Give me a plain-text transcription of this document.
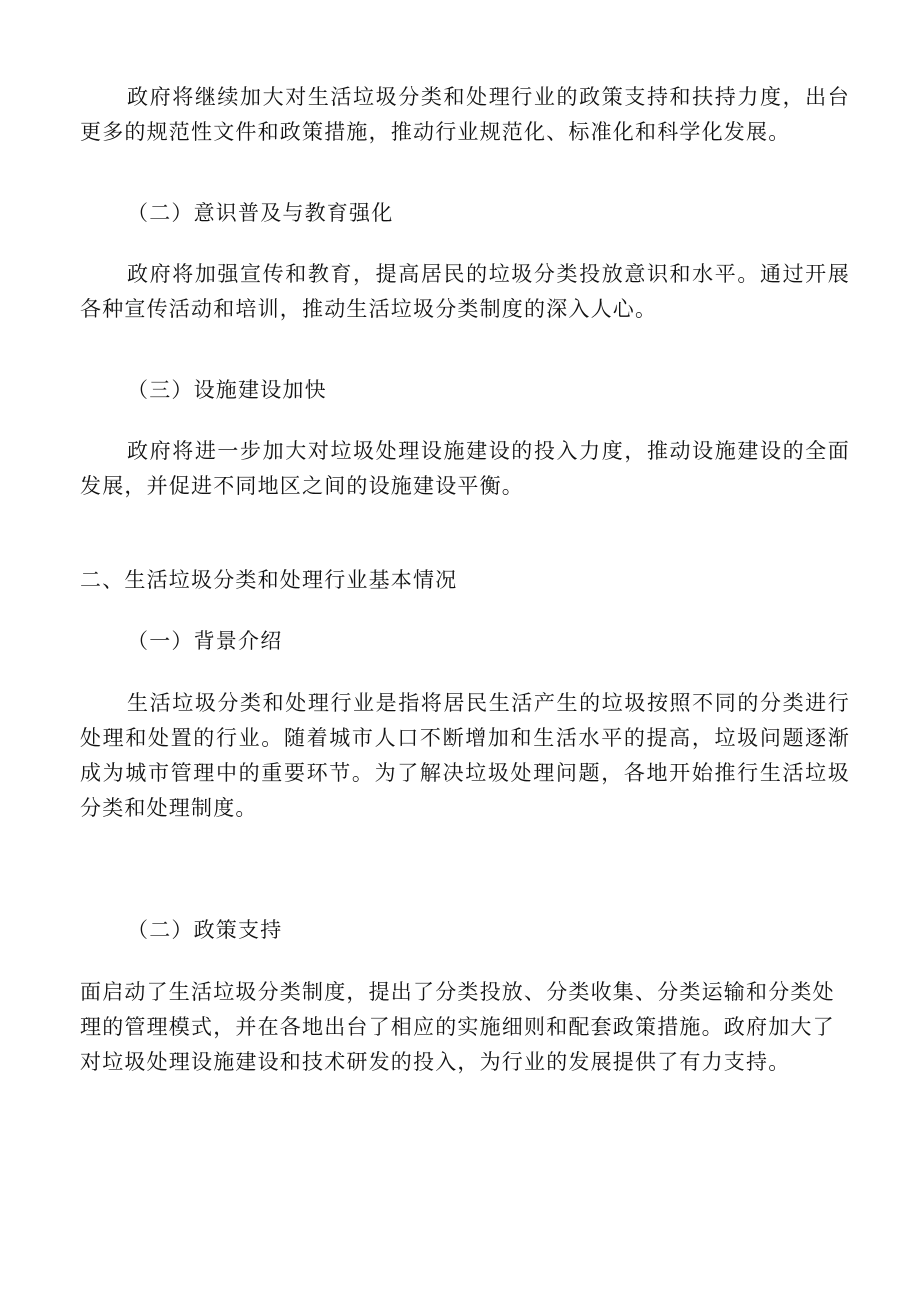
政府将继续加大对生活垃圾分类和处理行业的政策支持和扶持力度，出台更多的规范性文件和政策措施，推动行业规范化、标准化和科学化发展。

（二）意识普及与教育强化

政府将加强宣传和教育，提高居民的垃圾分类投放意识和水平。通过开展各种宣传活动和培训，推动生活垃圾分类制度的深入人心。

（三）设施建设加快

政府将进一步加大对垃圾处理设施建设的投入力度，推动设施建设的全面发展，并促进不同地区之间的设施建设平衡。

二、生活垃圾分类和处理行业基本情况

（一）背景介绍

生活垃圾分类和处理行业是指将居民生活产生的垃圾按照不同的分类进行处理和处置的行业。随着城市人口不断增加和生活水平的提高，垃圾问题逐渐成为城市管理中的重要环节。为了解决垃圾处理问题，各地开始推行生活垃圾分类和处理制度。

（二）政策支持

面启动了生活垃圾分类制度，提出了分类投放、分类收集、分类运输和分类处理的管理模式，并在各地出台了相应的实施细则和配套政策措施。政府加大了对垃圾处理设施建设和技术研发的投入，为行业的发展提供了有力支持。
